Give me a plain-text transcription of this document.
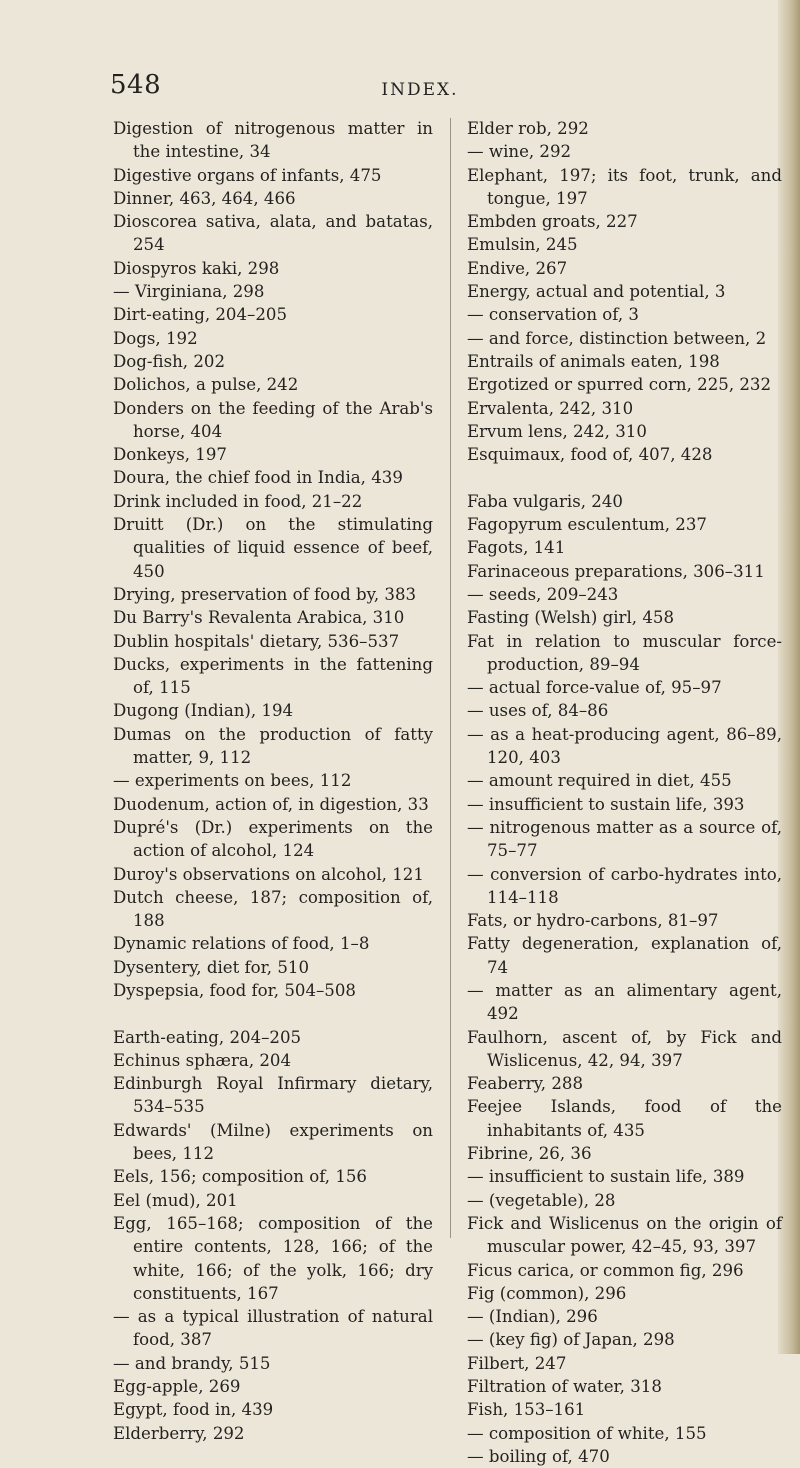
548	INDEX.
Digestion of nitrogenous matter in the intestine, 34
Digestive organs of infants, 475
Dinner, 463, 464, 466
Dioscorea sativa, alata, and batatas, 254
Diospyros kaki, 298
— Virginiana, 298
Dirt-eating, 204–205
Dogs, 192
Dog-fish, 202
Dolichos, a pulse, 242
Donders on the feeding of the Arab's horse, 404
Donkeys, 197
Doura, the chief food in India, 439
Drink included in food, 21–22
Druitt (Dr.) on the stimulating qualities of liquid essence of beef, 450
Drying, preservation of food by, 383
Du Barry's Revalenta Arabica, 310
Dublin hospitals' dietary, 536–537
Ducks, experiments in the fattening of, 115
Dugong (Indian), 194
Dumas on the production of fatty matter, 9, 112
— experiments on bees, 112
Duodenum, action of, in digestion, 33
Dupré's (Dr.) experiments on the action of alcohol, 124
Duroy's observations on alcohol, 121
Dutch cheese, 187; composition of, 188
Dynamic relations of food, 1–8
Dysentery, diet for, 510
Dyspepsia, food for, 504–508
Earth-eating, 204–205
Echinus sphæra, 204
Edinburgh Royal Infirmary dietary, 534–535
Edwards' (Milne) experiments on bees, 112
Eels, 156; composition of, 156
Eel (mud), 201
Egg, 165–168; composition of the entire contents, 128, 166; of the white, 166; of the yolk, 166; dry constituents, 167
— as a typical illustration of natural food, 387
— and brandy, 515
Egg-apple, 269
Egypt, food in, 439
Elderberry, 292
Elder rob, 292
— wine, 292
Elephant, 197; its foot, trunk, and tongue, 197
Embden groats, 227
Emulsin, 245
Endive, 267
Energy, actual and potential, 3
— conservation of, 3
— and force, distinction between, 2
Entrails of animals eaten, 198
Ergotized or spurred corn, 225, 232
Ervalenta, 242, 310
Ervum lens, 242, 310
Esquimaux, food of, 407, 428
Faba vulgaris, 240
Fagopyrum esculentum, 237
Fagots, 141
Farinaceous preparations, 306–311
— seeds, 209–243
Fasting (Welsh) girl, 458
Fat in relation to muscular force-production, 89–94
— actual force-value of, 95–97
— uses of, 84–86
— as a heat-producing agent, 86–89, 120, 403
— amount required in diet, 455
— insufficient to sustain life, 393
— nitrogenous matter as a source of, 75–77
— conversion of carbo-hydrates into, 114–118
Fats, or hydro-carbons, 81–97
Fatty degeneration, explanation of, 74
— matter as an alimentary agent, 492
Faulhorn, ascent of, by Fick and Wislicenus, 42, 94, 397
Feaberry, 288
Feejee Islands, food of the inhabitants of, 435
Fibrine, 26, 36
— insufficient to sustain life, 389
— (vegetable), 28
Fick and Wislicenus on the origin of muscular power, 42–45, 93, 397
Ficus carica, or common fig, 296
Fig (common), 296
— (Indian), 296
— (key fig) of Japan, 298
Filbert, 247
Filtration of water, 318
Fish, 153–161
— composition of white, 155
— boiling of, 470
